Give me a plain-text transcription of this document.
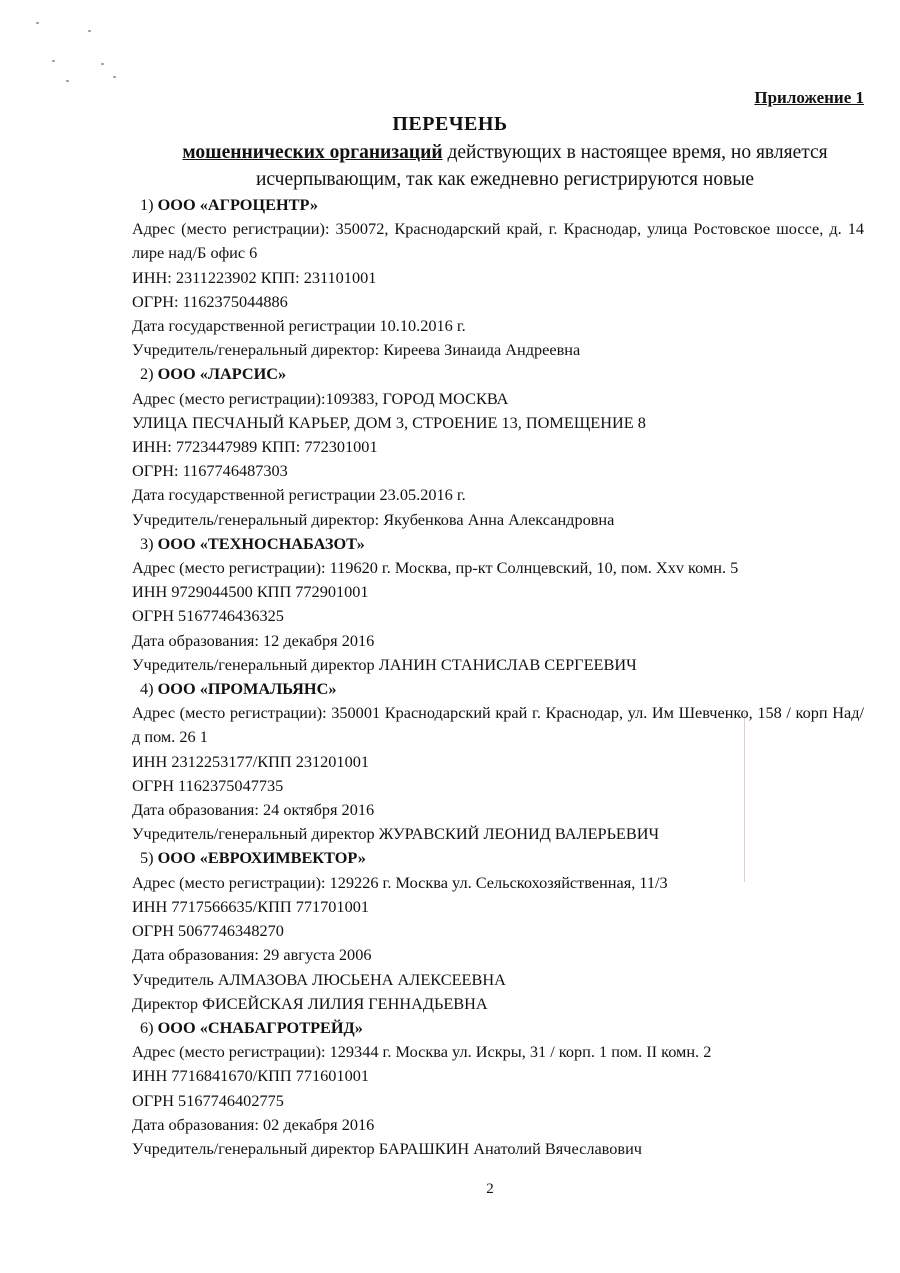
Приложение 1
ПЕРЕЧЕНЬ
мошеннических организаций действующих в настоящее время, но является
исчерпывающим, так как ежедневно регистрируются новые
1) ООО «АГРОЦЕНТР»
Адрес (место регистрации): 350072, Краснодарский край, г. Краснодар, улица Ростовское шоссе, д. 14 лире над/Б офис 6
ИНН: 2311223902 КПП: 231101001
ОГРН: 1162375044886
Дата государственной регистрации 10.10.2016 г.
Учредитель/генеральный директор: Киреева Зинаида Андреевна
2) ООО «ЛАРСИС»
Адрес (место регистрации):109383, ГОРОД МОСКВА
УЛИЦА ПЕСЧАНЫЙ КАРЬЕР, ДОМ 3, СТРОЕНИЕ 13, ПОМЕЩЕНИЕ 8
ИНН: 7723447989 КПП: 772301001
ОГРН: 1167746487303
Дата государственной регистрации 23.05.2016 г.
Учредитель/генеральный директор: Якубенкова Анна Александровна
3) ООО «ТЕХНОСНАБАЗОТ»
Адрес (место регистрации): 119620 г. Москва, пр-кт Солнцевский, 10, пом. Ххv комн. 5
ИНН 9729044500 КПП 772901001
ОГРН 5167746436325
Дата образования: 12 декабря 2016
Учредитель/генеральный директор ЛАНИН СТАНИСЛАВ СЕРГЕЕВИЧ
4) ООО «ПРОМАЛЬЯНС»
Адрес (место регистрации): 350001 Краснодарский край г. Краснодар, ул. Им Шевченко, 158 / корп Над/д пом. 26 1
ИНН 2312253177/КПП 231201001
ОГРН 1162375047735
Дата образования: 24 октября 2016
Учредитель/генеральный директор ЖУРАВСКИЙ ЛЕОНИД ВАЛЕРЬЕВИЧ
5) ООО «ЕВРОХИМВЕКТОР»
Адрес (место регистрации): 129226 г. Москва ул. Сельскохозяйственная, 11/3
ИНН 7717566635/КПП 771701001
ОГРН 5067746348270
Дата образования: 29 августа 2006
Учредитель АЛМАЗОВА ЛЮСЬЕНА АЛЕКСЕЕВНА
Директор ФИСЕЙСКАЯ ЛИЛИЯ ГЕННАДЬЕВНА
6) ООО «СНАБАГРОТРЕЙД»
Адрес (место регистрации): 129344 г. Москва ул. Искры, 31 / корп. 1 пом. II комн. 2
ИНН 7716841670/КПП 771601001
ОГРН 5167746402775
Дата образования: 02 декабря 2016
Учредитель/генеральный директор БАРАШКИН Анатолий Вячеславович
2
